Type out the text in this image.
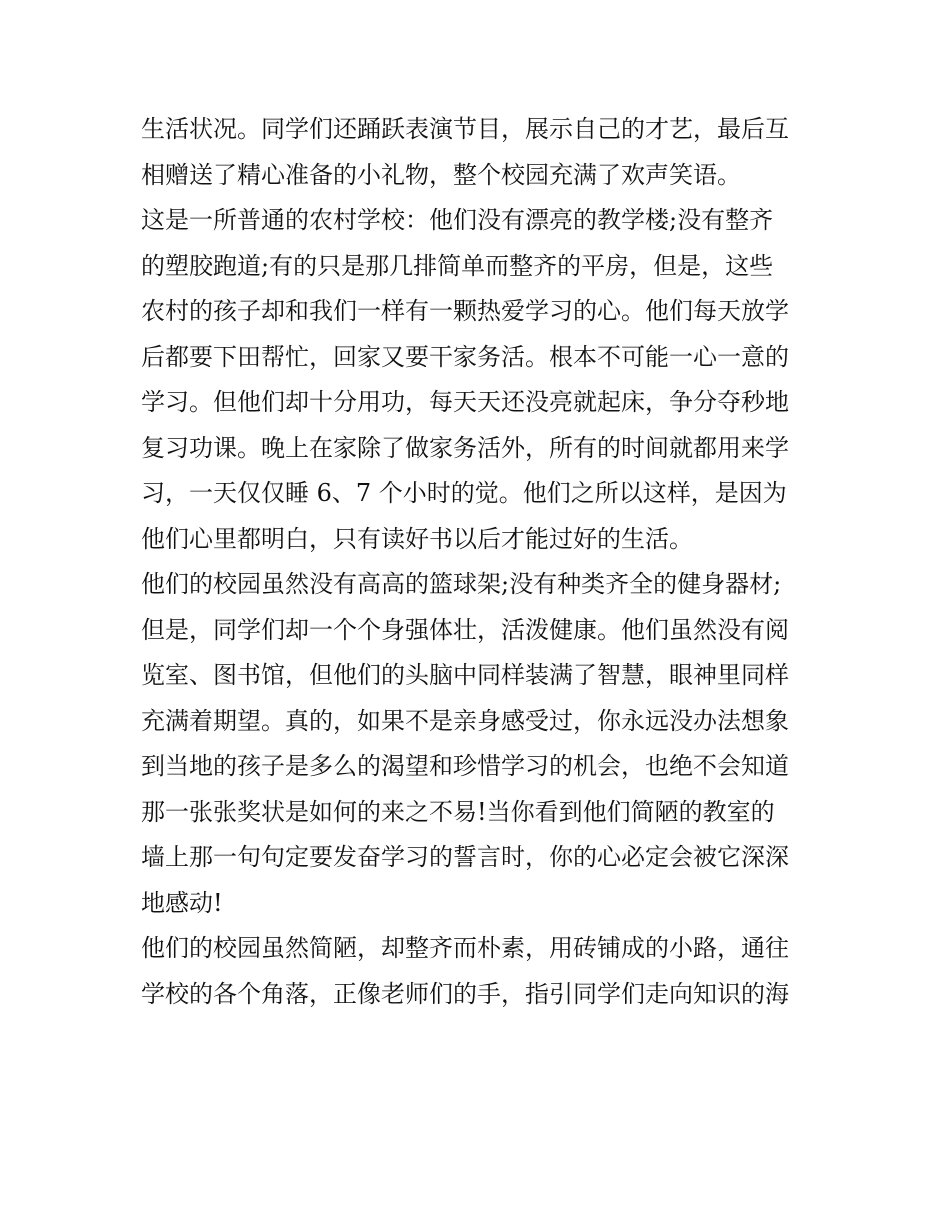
生活状况。同学们还踊跃表演节目，展示自己的才艺，最后互
相赠送了精心准备的小礼物，整个校园充满了欢声笑语。
这是一所普通的农村学校：他们没有漂亮的教学楼;没有整齐
的塑胶跑道;有的只是那几排简单而整齐的平房，但是，这些
农村的孩子却和我们一样有一颗热爱学习的心。他们每天放学
后都要下田帮忙，回家又要干家务活。根本不可能一心一意的
学习。但他们却十分用功，每天天还没亮就起床，争分夺秒地
复习功课。晚上在家除了做家务活外，所有的时间就都用来学
习，一天仅仅睡 6、7 个小时的觉。他们之所以这样，是因为
他们心里都明白，只有读好书以后才能过好的生活。
他们的校园虽然没有高高的篮球架;没有种类齐全的健身器材;
但是，同学们却一个个身强体壮，活泼健康。他们虽然没有阅
览室、图书馆，但他们的头脑中同样装满了智慧，眼神里同样
充满着期望。真的，如果不是亲身感受过，你永远没办法想象
到当地的孩子是多么的渴望和珍惜学习的机会，也绝不会知道
那一张张奖状是如何的来之不易!当你看到他们简陋的教室的
墙上那一句句定要发奋学习的誓言时，你的心必定会被它深深
地感动!
他们的校园虽然简陋，却整齐而朴素，用砖铺成的小路，通往
学校的各个角落，正像老师们的手，指引同学们走向知识的海
